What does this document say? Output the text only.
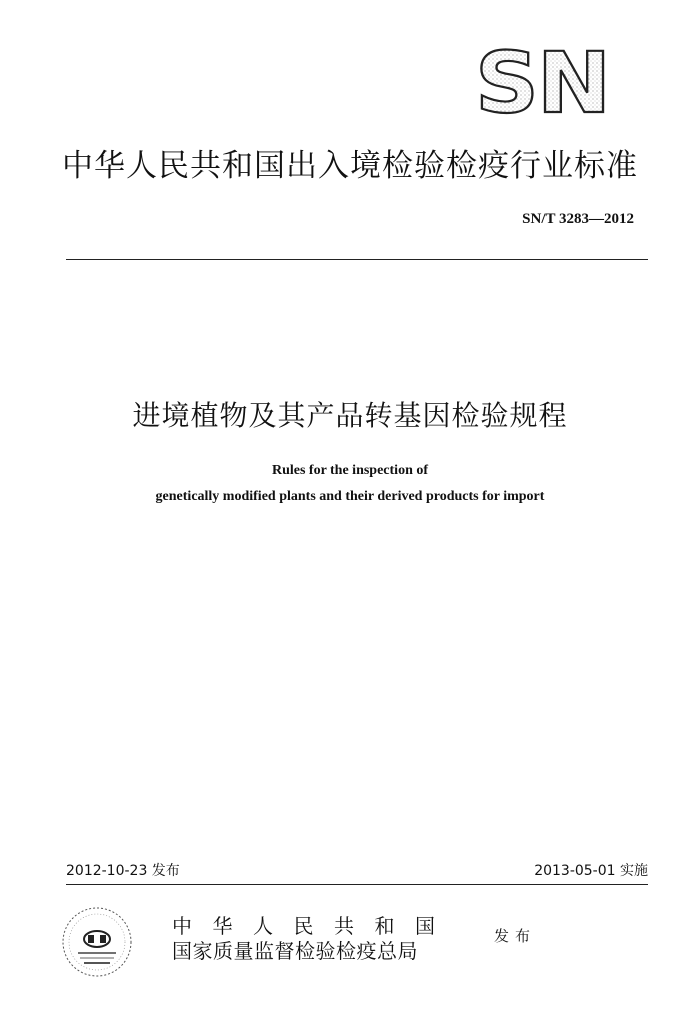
SN
中华人民共和国出入境检验检疫行业标准
SN/T 3283—2012
进境植物及其产品转基因检验规程
Rules for the inspection of
genetically modified plants and their derived products for import
2012-10-23 发布	2013-05-01 实施
中华人民共和国
国家质量监督检验检疫总局
发布
